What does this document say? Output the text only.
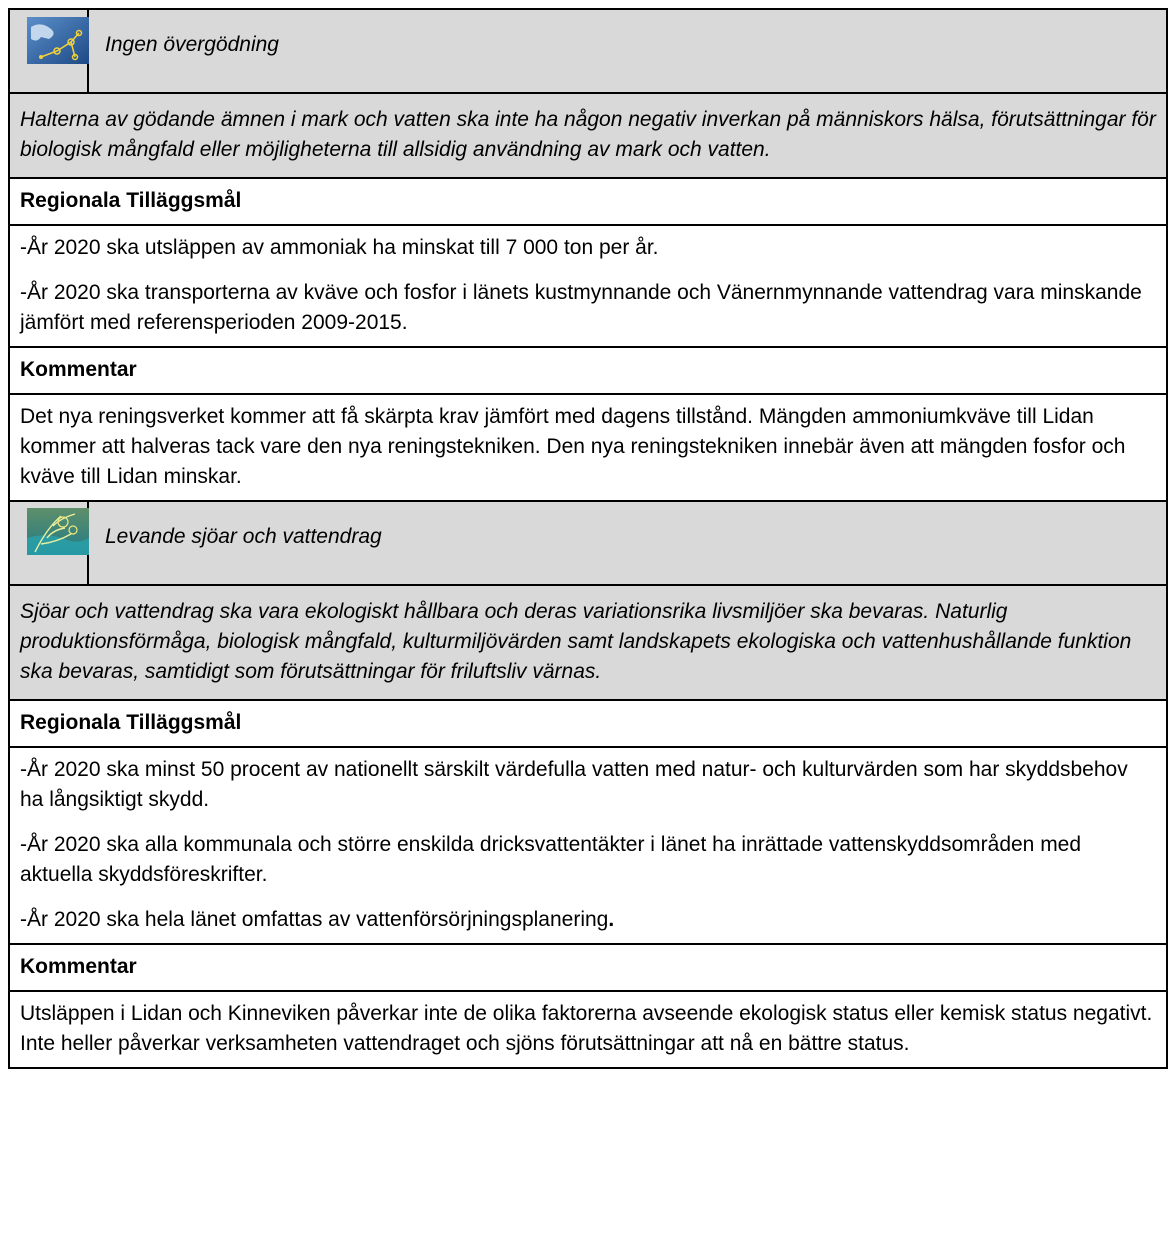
	Ingen övergödning
Halterna av gödande ämnen i mark och vatten ska inte ha någon negativ inverkan på människors hälsa, förutsättningar för biologisk mångfald eller möjligheterna till allsidig användning av mark och vatten.	
Regionala Tilläggsmål	

-År 2020 ska utsläppen av ammoniak ha minskat till 7 000 ton per år.

-År 2020 ska transporterna av kväve och fosfor i länets kustmynnande och Vänernmynnande vattendrag vara minskande jämfört med referensperioden 2009-2015.	

Kommentar	
Det nya reningsverket kommer att få skärpta krav jämfört med dagens tillstånd. Mängden ammoniumkväve till Lidan kommer att halveras tack vare den nya reningstekniken. Den nya reningstekniken innebär även att mängden fosfor och kväve till Lidan minskar.	

	Levande sjöar och vattendrag
Sjöar och vattendrag ska vara ekologiskt hållbara och deras variationsrika livsmiljöer ska bevaras. Naturlig produktionsförmåga, biologisk mångfald, kulturmiljövärden samt landskapets ekologiska och vattenhushållande funktion ska bevaras, samtidigt som förutsättningar för friluftsliv värnas.	
Regionala Tilläggsmål	

-År 2020 ska minst 50 procent av nationellt särskilt värdefulla vatten med natur- och kulturvärden som har skyddsbehov ha långsiktigt skydd.

-År 2020 ska alla kommunala och större enskilda dricksvattentäkter i länet ha inrättade vattenskyddsområden med aktuella skyddsföreskrifter.

-År 2020 ska hela länet omfattas av vattenförsörjningsplanering.	

Kommentar	
Utsläppen i Lidan och Kinneviken påverkar inte de olika faktorerna avseende ekologisk status eller kemisk status negativt. Inte heller påverkar verksamheten vattendraget och sjöns förutsättningar att nå en bättre status.	
